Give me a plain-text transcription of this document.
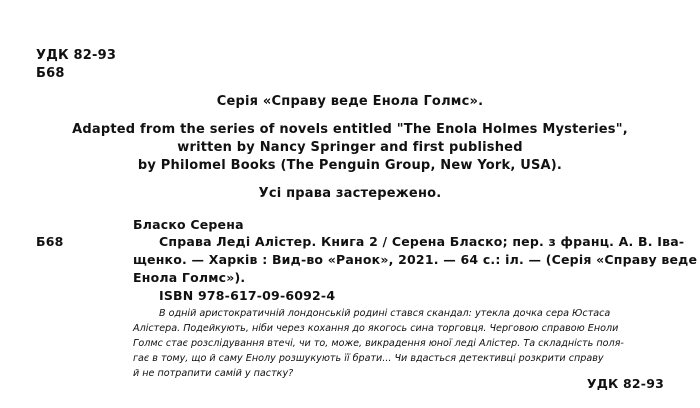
УДК 82-93
Б68
Серія «Справу веде Енола Голмс».
Adapted from the series of novels entitled "The Enola Holmes Mysteries",
written by Nancy Springer and first published
by Philomel Books (The Penguin Group, New York, USA).
Усі права застережено.
Бласко Серена
Б68	Справа Леді Алістер. Книга 2 / Серена Бласко; пер. з франц. А. В. Іва-
щенко. — Харків : Вид-во «Ранок», 2021. — 64 с.: іл. — (Серія «Справу веде
Енола Голмс»).
ISBN 978-617-09-6092-4
В одній аристократичній лондонській родині стався скандал: утекла дочка сера Юстаса
Алістера. Подейкують, ніби через кохання до якогось сина торговця. Черговою справою Еноли
Голмс стає розслідування втечі, чи то, може, викрадення юної леді Алістер. Та складність поля-
гає в тому, що й саму Енолу розшукують її брати... Чи вдасться детективці розкрити справу
й не потрапити самій у пастку?
УДК 82-93
